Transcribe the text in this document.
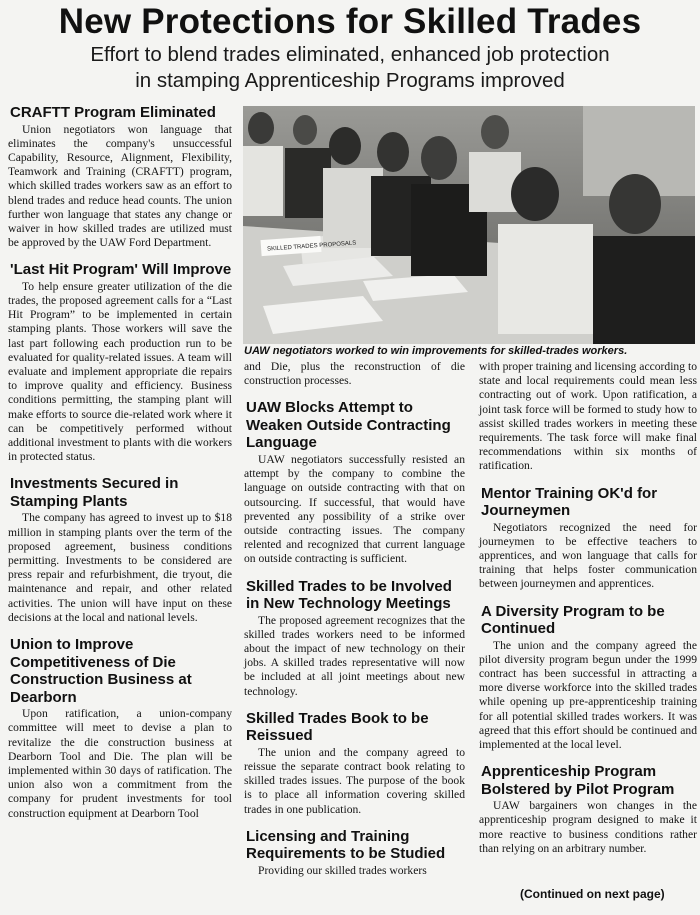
New Protections for Skilled Trades
Effort to blend trades eliminated, enhanced job protection
in stamping Apprenticeship Programs improved
CRAFTT Program Eliminated

Union negotiators won language that eliminates the company's unsuccessful Capability, Resource, Alignment, Flexibility, Teamwork and Training (CRAFTT) program, which skilled trades workers saw as an effort to blend trades and reduce head counts. The union further won language that states any change or waiver in how skilled trades are utilized must be approved by the UAW Ford Department.

'Last Hit Program' Will Improve

To help ensure greater utilization of the die trades, the proposed agreement calls for a “Last Hit Program” to be implemented in certain stamping plants. Those workers will save the last part following each production run to be evaluated for quality-related issues. A team will evaluate and implement appropriate die repairs to improve quality and efficiency. Business conditions permitting, the stamping plant will make efforts to source die-related work where it can be competitively performed without additional investment to plants with die workers in protected status.

Investments Secured in Stamping Plants

The company has agreed to invest up to $18 million in stamping plants over the term of the proposed agreement, business conditions permitting. Investments to be considered are press repair and refurbishment, die tryout, die maintenance and repair, and other related activities. The union will have input on these decisions at the local and national levels.

Union to Improve Competitiveness of Die Construction Business at Dearborn

Upon ratification, a union-company committee will meet to devise a plan to revitalize the die construction business at Dearborn Tool and Die. The plan will be implemented within 30 days of ratification. The union also won a commitment from the company for prudent investments for tool construction equipment at Dearborn Tool

SKILLED TRADES PROPOSALS
UAW negotiators worked to win improvements for skilled-trades workers.

and Die, plus the reconstruction of die construction processes.

UAW Blocks Attempt to Weaken Outside Contracting Language

UAW negotiators successfully resisted an attempt by the company to combine the language on outside contracting with that on outsourcing. If successful, that would have prevented any possibility of a strike over outside contracting issues. The company relented and recognized that current language on outside contracting is sufficient.

Skilled Trades to be Involved in New Technology Meetings

The proposed agreement recognizes that the skilled trades workers need to be informed about the impact of new technology on their jobs. A skilled trades representative will now be included at all joint meetings about new technology.

Skilled Trades Book to be Reissued

The union and the company agreed to reissue the separate contract book relating to skilled trades issues. The purpose of the book is to place all information covering skilled trades in one publication.

Licensing and Training Requirements to be Studied

Providing our skilled trades workers

with proper training and licensing according to state and local requirements could mean less contracting out of work. Upon ratification, a joint task force will be formed to study how to assist skilled trades workers in meeting these requirements. The task force will make final recommendations within six months of ratification.

Mentor Training OK'd for Journeymen

Negotiators recognized the need for journeymen to be effective teachers to apprentices, and won language that calls for training that helps foster communication between journeymen and apprentices.

A Diversity Program to be Continued

The union and the company agreed the pilot diversity program begun under the 1999 contract has been successful in attracting a more diverse workforce into the skilled trades while opening up pre-apprenticeship training for all potential skilled trades workers. It was agreed that this effort should be continued and implemented at the local level.

Apprenticeship Program Bolstered by Pilot Program

UAW bargainers won changes in the apprenticeship program designed to make it more reactive to business conditions rather than relying on an arbitrary number.

(Continued on next page)
